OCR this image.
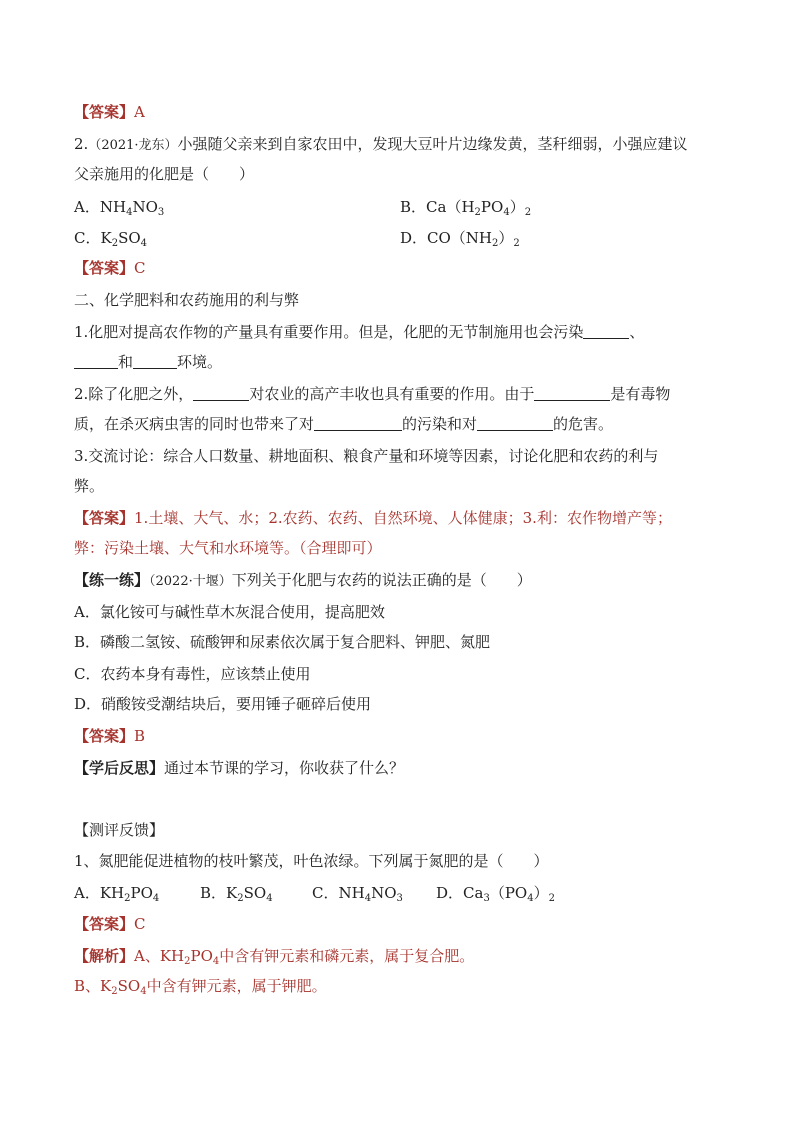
【答案】A
2.（2021·龙东）小强随父亲来到自家农田中，发现大豆叶片边缘发黄，茎秆细弱，小强应建议
父亲施用的化肥是（　　）
A．$NH_4NO_3$	B．$Ca(H_2PO_4)_2$
C．$K_2SO_4$	D．$CO(NH_2)_2$
【答案】C
二、化学肥料和农药施用的利与弊
1.化肥对提高农作物的产量具有重要作用。但是，化肥的无节制施用也会污染	、
和	环境。
2.除了化肥之外，	对农业的高产丰收也具有重要的作用。由于	是有毒物
质，在杀灭病虫害的同时也带来了对	的污染和对	的危害。
3.交流讨论：综合人口数量、耕地面积、粮食产量和环境等因素，讨论化肥和农药的利与
弊。
【答案】1.土壤、大气、水；2.农药、农药、自然环境、人体健康；3.利：农作物增产等；
弊：污染土壤、大气和水环境等。（合理即可）
【练一练】（2022·十堰）下列关于化肥与农药的说法正确的是（　　）
A．氯化铵可与碱性草木灰混合使用，提高肥效
B．磷酸二氢铵、硫酸钾和尿素依次属于复合肥料、钾肥、氮肥
C．农药本身有毒性，应该禁止使用
D．硝酸铵受潮结块后，要用锤子砸碎后使用
【答案】B
【学后反思】通过本节课的学习，你收获了什么？
【测评反馈】
1、氮肥能促进植物的枝叶繁茂，叶色浓绿。下列属于氮肥的是（　　）
A．$KH_2PO_4$	B．$K_2SO_4$	C．$NH_4NO_3$ D．$Ca_3(PO_4)_2$
【答案】C
【解析】A、$KH_2PO_4$中含有钾元素和磷元素，属于复合肥。
B、$K_2SO_4$中含有钾元素，属于钾肥。
